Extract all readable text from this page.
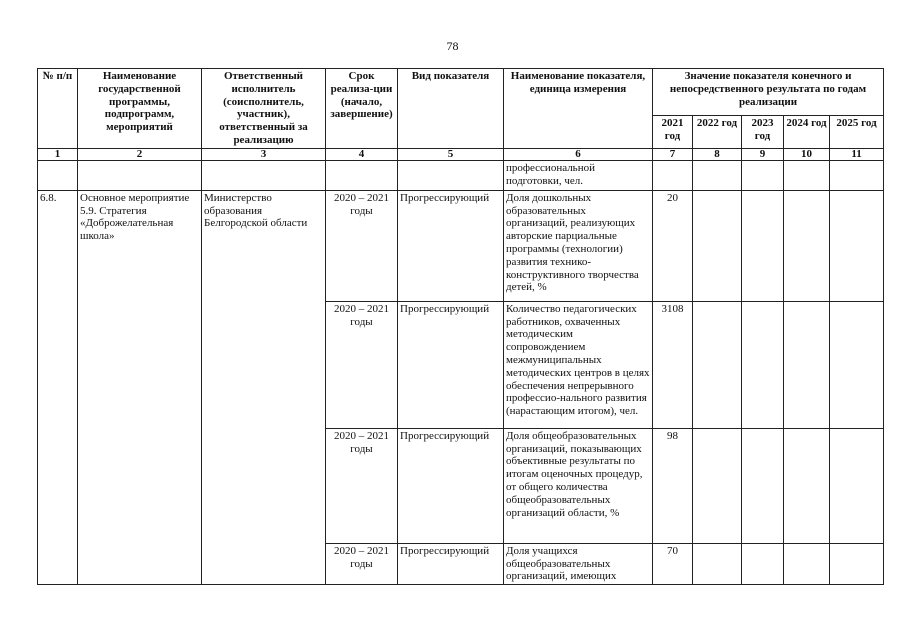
78
№ п/п	Наименование государственной программы, подпрограмм, мероприятий	Ответственный исполнитель (соисполнитель, участник), ответственный за реализацию	Срок реализа-ции (начало, завершение)	Вид показателя	Наименование показателя, единица измерения	Значение показателя конечного и непосредственного результата по годам реализации				
						2021 год	2022 год	2023 год	2024 год	2025 год
1	2	3	4	5	6	7	8	9	10	11
					профессиональной подготовки, чел.					
6.8.	Основное мероприятие 5.9. Стратегия «Доброжелательная школа»	Министерство образования Белгородской области	2020 – 2021 годы	Прогрессирующий	Доля дошкольных образовательных организаций, реализующих авторские парциальные программы (технологии) развития технико-конструктивного творчества детей, %	20				
			2020 – 2021 годы	Прогрессирующий	Количество педагогических работников, охваченных методическим сопровождением межмуниципальных методических центров в целях обеспечения непрерывного профессио-нального развития (нарастающим итогом), чел.	3108				
			2020 – 2021 годы	Прогрессирующий	Доля общеобразовательных организаций, показывающих объективные результаты по итогам оценочных процедур, от общего количества общеобразовательных организаций области, %	98				
			2020 – 2021 годы	Прогрессирующий	Доля учащихся общеобразовательных организаций, имеющих	70				
